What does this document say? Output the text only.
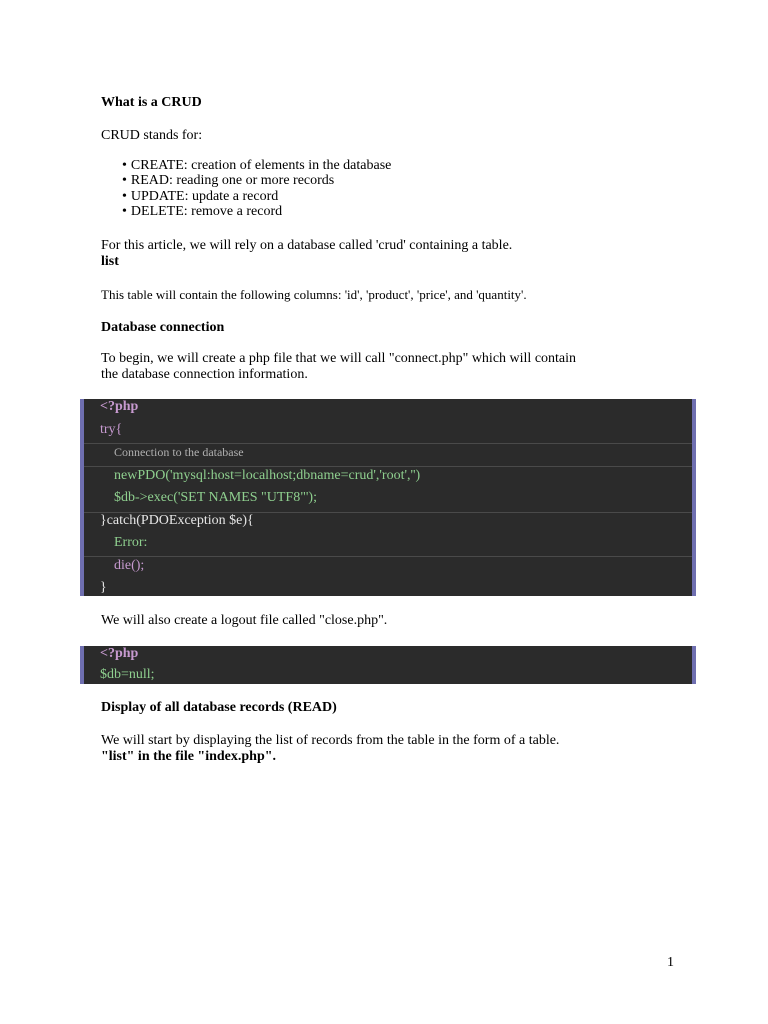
What is a CRUD
CRUD stands for:
• CREATE: creation of elements in the database
• READ: reading one or more records
• UPDATE: update a record
• DELETE: remove a record
For this article, we will rely on a database called 'crud' containing a table.
list
This table will contain the following columns: 'id', 'product', 'price', and 'quantity'.
Database connection
To begin, we will create a php file that we will call "connect.php" which will contain
the database connection information.
<?php
try{
Connection to the database
newPDO('mysql:host=localhost;dbname=crud','root','')
$db->exec('SET NAMES "UTF8"');
}catch(PDOException $e){
Error:
die();
}
We will also create a logout file called "close.php".
<?php
$db=null;
Display of all database records (READ)
We will start by displaying the list of records from the table in the form of a table.
"list" in the file "index.php".
1
